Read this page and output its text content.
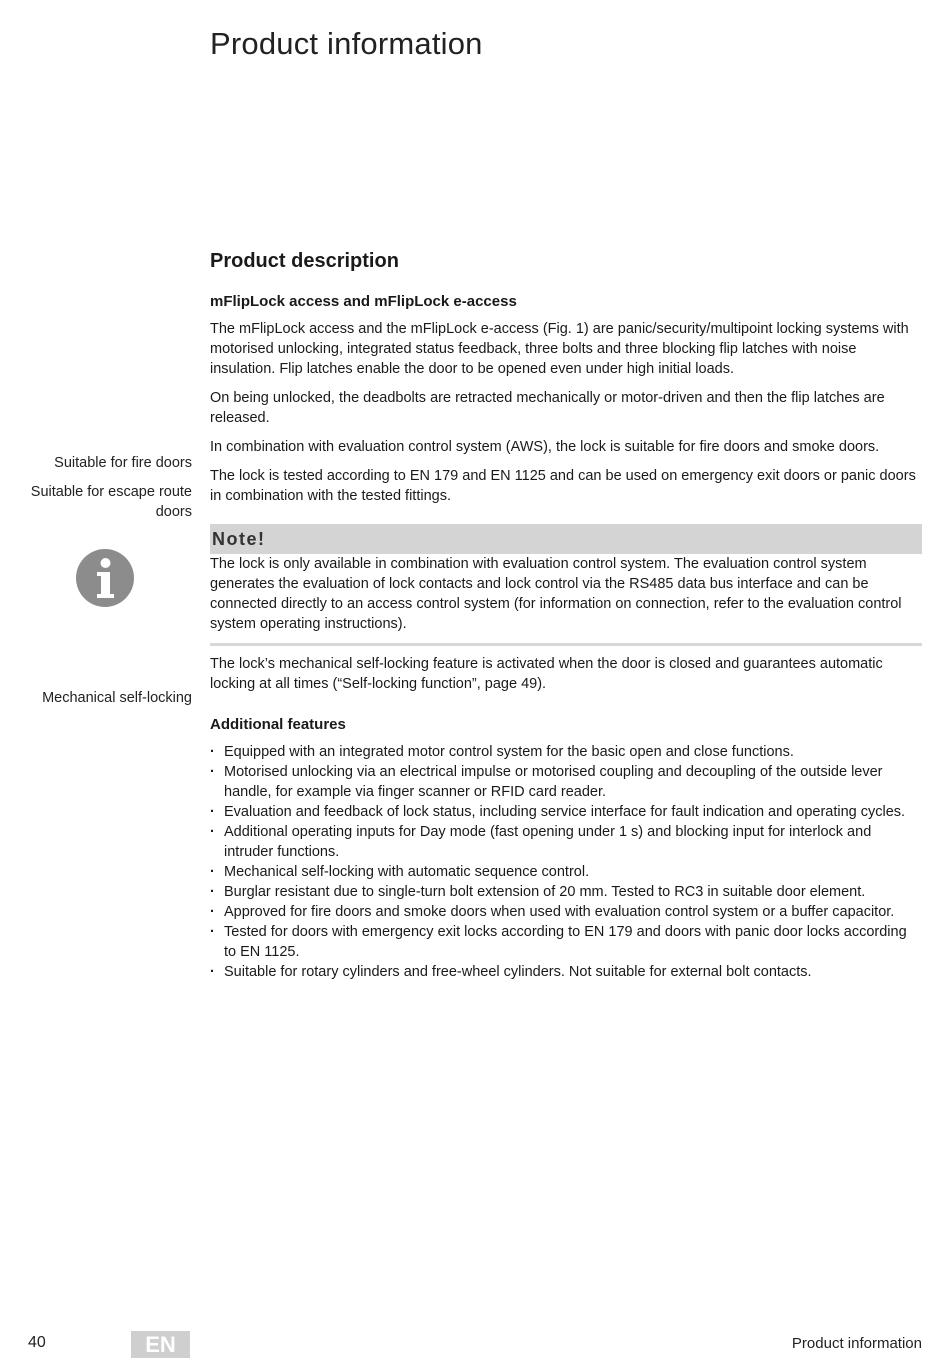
Product information
Suitable for fire doors
Suitable for escape route doors
Mechanical self-locking
Product description
mFlipLock access and mFlipLock e-access

The mFlipLock access and the mFlipLock e-access (Fig. 1) are panic/security/multipoint locking systems with motorised unlocking, integrated status feedback, three bolts and three blocking flip latches with noise insulation. Flip latches enable the door to be opened even under high initial loads.

On being unlocked, the deadbolts are retracted mechanically or motor-driven and then the flip latches are released.

In combination with evaluation control system (AWS), the lock is suitable for fire doors and smoke doors.

The lock is tested according to EN 179 and EN 1125 and can be used on emergency exit doors or panic doors in combination with the tested fittings.

Note!

The lock is only available in combination with evaluation control system. The evaluation control system generates the evaluation of lock contacts and lock control via the RS485 data bus interface and can be connected directly to an access control system (for information on connection, refer to the evaluation control system operating instructions).

The lock’s mechanical self-locking feature is activated when the door is closed and guarantees automatic locking at all times (“Self-locking function”, page 49).

Additional features
· Equipped with an integrated motor control system for the basic open and close functions.
· Motorised unlocking via an electrical impulse or motorised coupling and decoupling of the outside lever handle, for example via finger scanner or RFID card reader.
· Evaluation and feedback of lock status, including service interface for fault indication and operating cycles.
· Additional operating inputs for Day mode (fast opening under 1 s) and blocking input for interlock and intruder functions.
· Mechanical self-locking with automatic sequence control.
· Burglar resistant due to single-turn bolt extension of 20 mm. Tested to RC3 in suitable door element.
· Approved for fire doors and smoke doors when used with evaluation control system or a buffer capacitor.
· Tested for doors with emergency exit locks according to EN 179 and doors with panic door locks according to EN 1125.
· Suitable for rotary cylinders and free-wheel cylinders. Not suitable for external bolt contacts.
40	EN	Product information
